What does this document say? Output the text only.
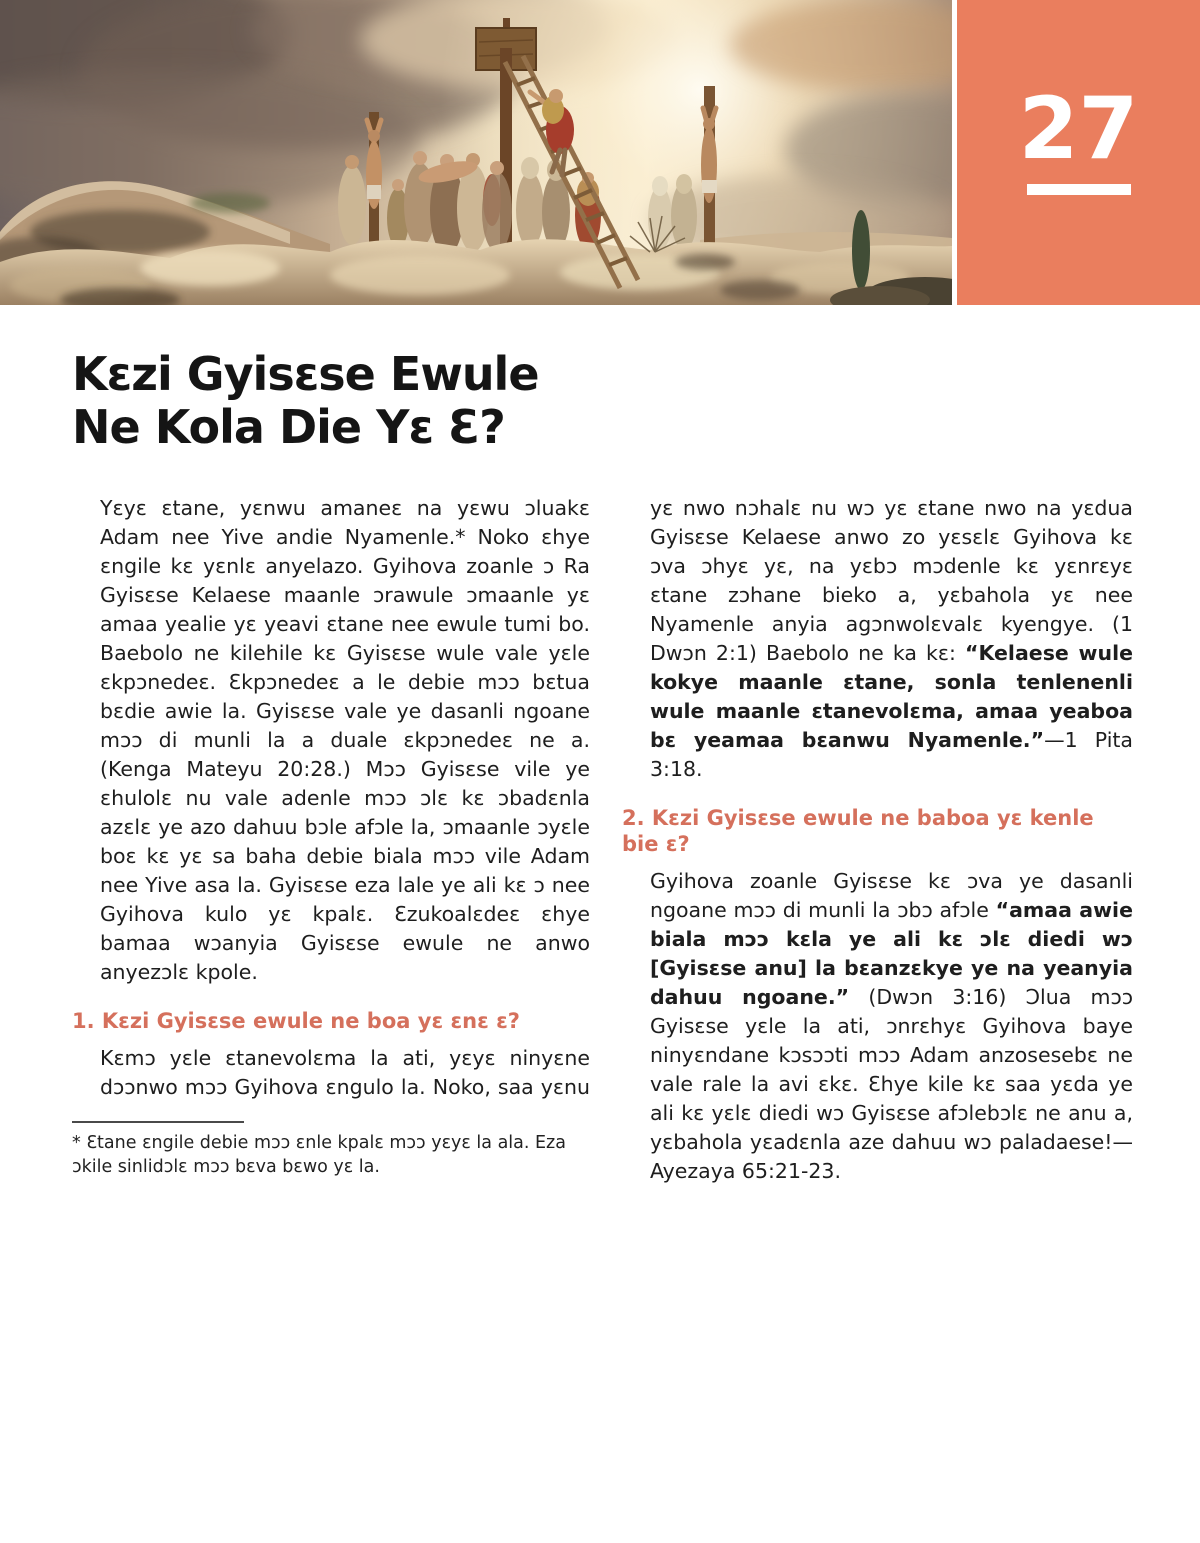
27
Kɛzi Gyisɛse Ewule
Ne Kola Die Yɛ Ɛ?

Yɛyɛ ɛtane, yɛnwu amaneɛ na yɛwu ɔluakɛ Adam nee Yive andie Nyamenle.* Noko ɛhye ɛngile kɛ yɛnlɛ anyelazo. Gyihova zoanle ɔ Ra Gyisɛse Kelaese maanle ɔrawule ɔmaanle yɛ amaa yealie yɛ yeavi ɛtane nee ewule tumi bo. Baebolo ne kilehile kɛ Gyisɛse wule vale yɛle ɛkpɔnedeɛ. Ɛkpɔnedeɛ a le debie mɔɔ bɛtua bɛdie awie la. Gyisɛse vale ye dasanli ngoane mɔɔ di munli la a duale ɛkpɔnedeɛ ne a. (Kenga Mateyu 20:28.) Mɔɔ Gyisɛse vile ye ɛhulolɛ nu vale adenle mɔɔ ɔlɛ kɛ ɔbadɛnla azɛlɛ ye azo dahuu bɔle afɔle la, ɔmaanle ɔyɛle boɛ kɛ yɛ sa baha debie biala mɔɔ vile Adam nee Yive asa la. Gyisɛse eza lale ye ali kɛ ɔ nee Gyihova kulo yɛ kpalɛ. Ɛzukoalɛdeɛ ɛhye bamaa wɔanyia Gyisɛse ewule ne anwo anyezɔlɛ kpole.

1. Kɛzi Gyisɛse ewule ne boa yɛ ɛnɛ ɛ?

Kɛmɔ yɛle ɛtanevolɛma la ati, yɛyɛ ninyɛne dɔɔnwo mɔɔ Gyihova ɛngulo la. Noko, saa yɛnu

* Ɛtane ɛngile debie mɔɔ ɛnle kpalɛ mɔɔ yɛyɛ la ala. Eza ɔkile sinlidɔlɛ mɔɔ bɛva bɛwo yɛ la.

yɛ nwo nɔhalɛ nu wɔ yɛ ɛtane nwo na yɛdua Gyisɛse Kelaese anwo zo yɛsɛlɛ Gyihova kɛ ɔva ɔhyɛ yɛ, na yɛbɔ mɔdenle kɛ yɛnrɛyɛ ɛtane zɔhane bieko a, yɛbahola yɛ nee Nyamenle anyia agɔnwolɛvalɛ kyengye. (1 Dwɔn 2:1) Baebolo ne ka kɛ: “Kelaese wule kokye maanle ɛtane, sonla tenlenenli wule maanle ɛtanevolɛma, amaa yeaboa bɛ yeamaa bɛanwu Nyamenle.”—1 Pita 3:18.

2. Kɛzi Gyisɛse ewule ne baboa yɛ kenle bie ɛ?

Gyihova zoanle Gyisɛse kɛ ɔva ye dasanli ngoane mɔɔ di munli la ɔbɔ afɔle “amaa awie biala mɔɔ kɛla ye ali kɛ ɔlɛ diedi wɔ [Gyisɛse anu] la bɛanzɛkye ye na yeanyia dahuu ngoane.” (Dwɔn 3:16) Ɔlua mɔɔ Gyisɛse yɛle la ati, ɔnrɛhyɛ Gyihova baye ninyɛndane kɔsɔɔti mɔɔ Adam anzosesebɛ ne vale rale la avi ɛkɛ. Ɛhye kile kɛ saa yɛda ye ali kɛ yɛlɛ diedi wɔ Gyisɛse afɔlebɔlɛ ne anu a, yɛbahola yɛadɛnla aze dahuu wɔ paladaese!—Ayezaya 65:21-23.
